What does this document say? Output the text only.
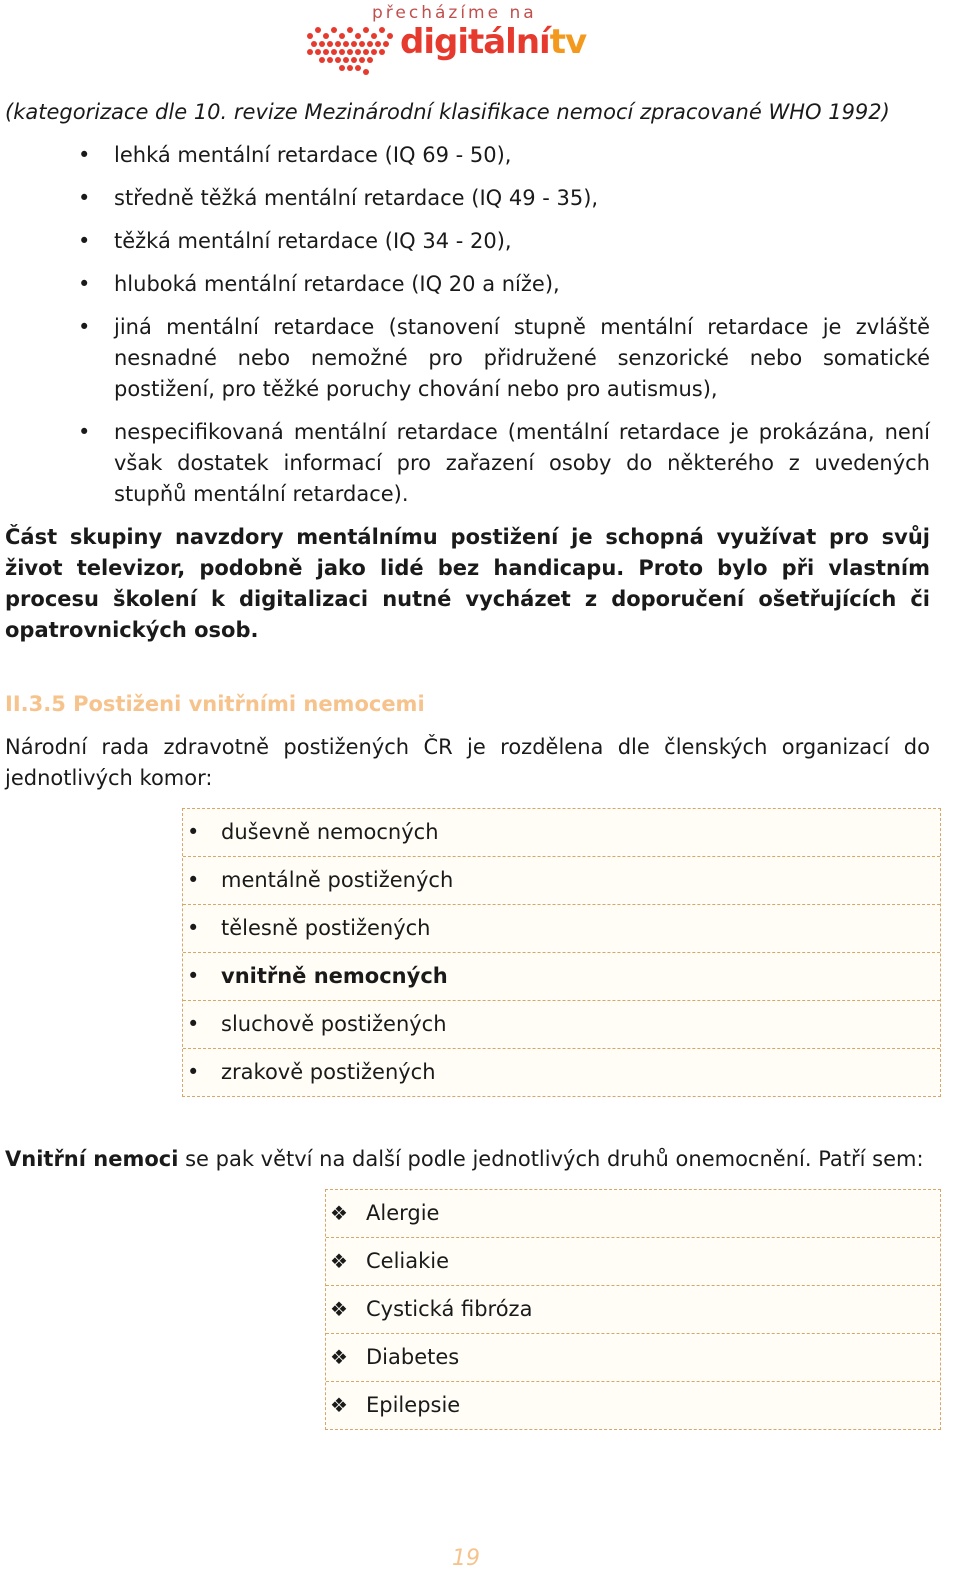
přecházíme na
digitálnítv

(kategorizace dle 10. revize Mezinárodní klasifikace nemocí zpracované WHO 1992)

• lehká mentální retardace (IQ 69 - 50),
• středně těžká mentální retardace (IQ 49 - 35),
• těžká mentální retardace (IQ 34 - 20),
• hluboká mentální retardace (IQ 20 a níže),
• jiná mentální retardace (stanovení stupně mentální retardace je zvláště nesnadné nebo nemožné pro přidružené senzorické nebo somatické postižení, pro těžké poruchy chování nebo pro autismus),
• nespecifikovaná mentální retardace (mentální retardace je prokázána, není však dostatek informací pro zařazení osoby do některého z uvedených stupňů mentální retardace).

Část skupiny navzdory mentálnímu postižení je schopná využívat pro svůj život televizor, podobně jako lidé bez handicapu. Proto bylo při vlastním procesu školení k digitalizaci nutné vycházet z doporučení ošetřujících či opatrovnických osob.

II.3.5 Postiženi vnitřními nemocemi

Národní rada zdravotně postižených ČR je rozdělena dle členských organizací do jednotlivých komor:

• duševně nemocných
• mentálně postižených
• tělesně postižených
• vnitřně nemocných
• sluchově postižených
• zrakově postižených

Vnitřní nemoci se pak větví na další podle jednotlivých druhů onemocnění. Patří sem:

❖ Alergie
❖ Celiakie
❖ Cystická fibróza
❖ Diabetes
❖ Epilepsie
19
